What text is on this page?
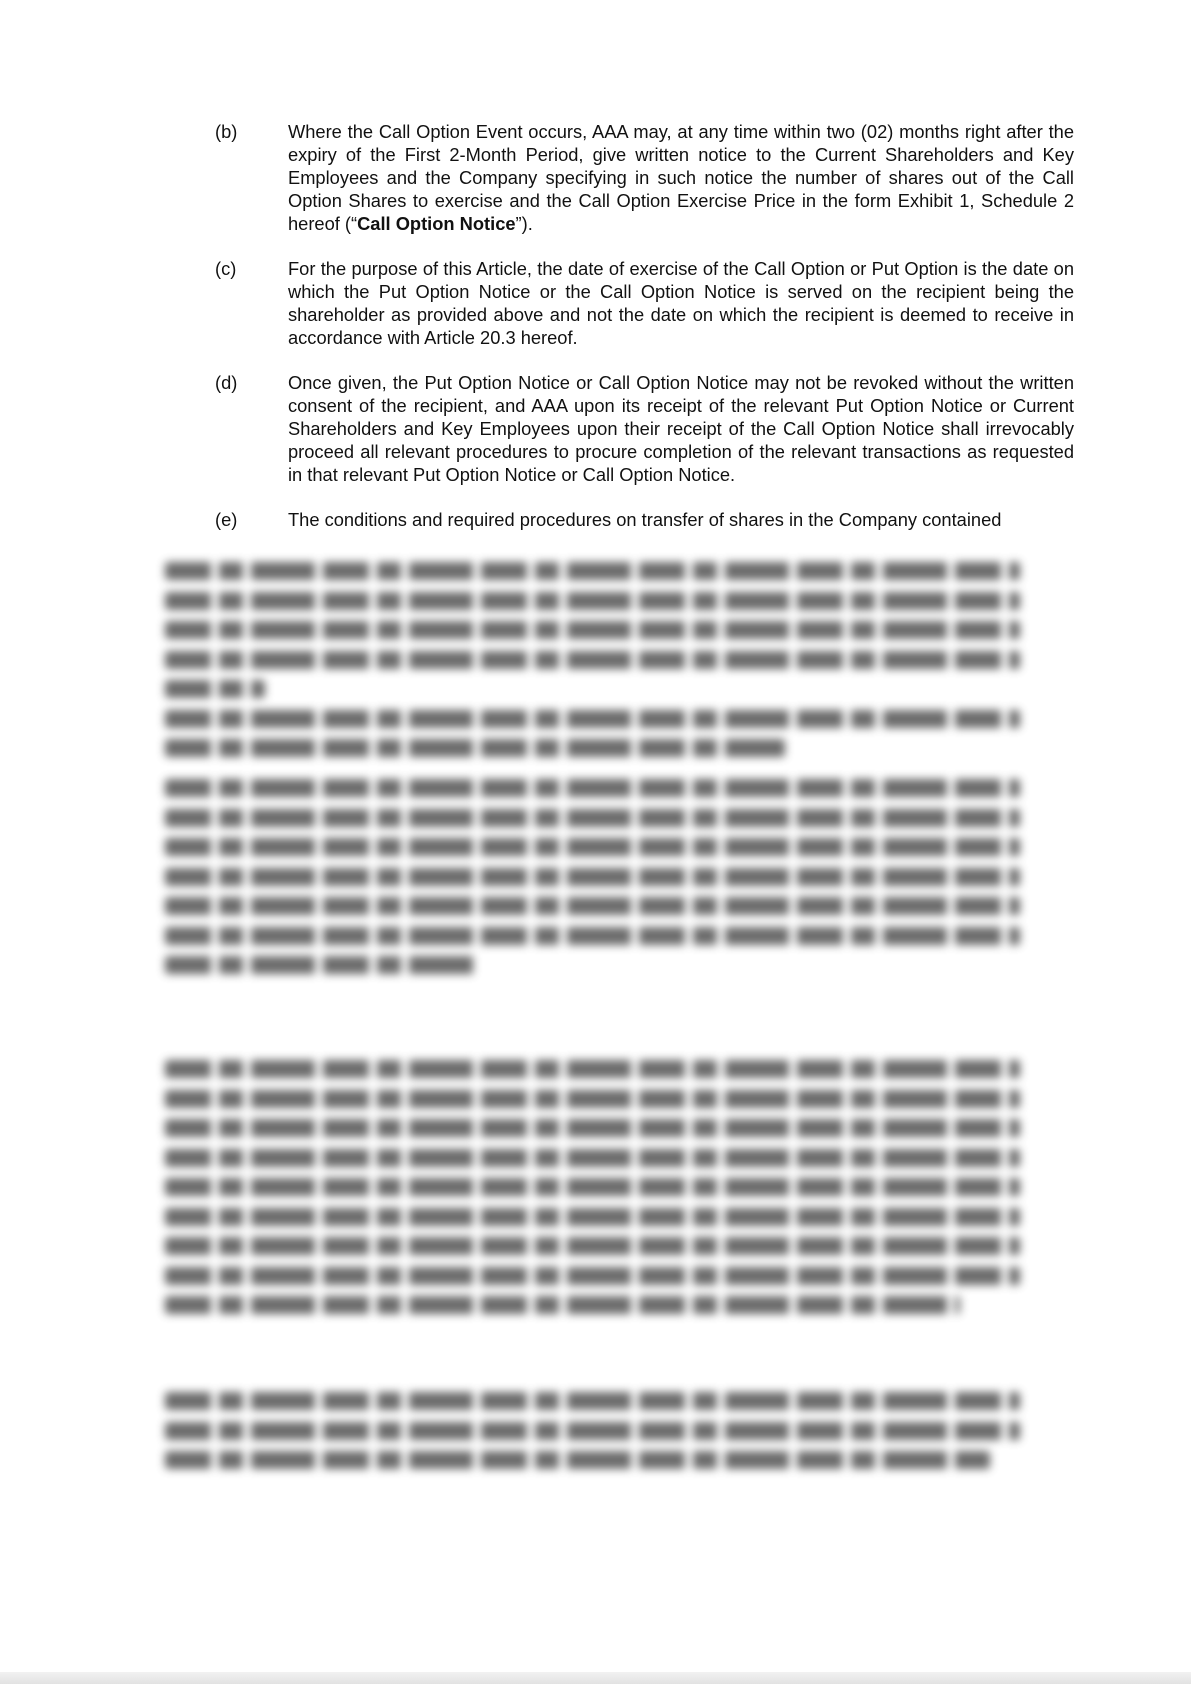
(b)	Where the Call Option Event occurs, AAA may, at any time within two (02) months right after the expiry of the First 2-Month Period, give written notice to the Current Shareholders and Key Employees and the Company specifying in such notice the number of shares out of the Call Option Shares to exercise and the Call Option Exercise Price in the form Exhibit 1, Schedule 2 hereof (“Call Option Notice”).
(c)	For the purpose of this Article, the date of exercise of the Call Option or Put Option is the date on which the Put Option Notice or the Call Option Notice is served on the recipient being the shareholder as provided above and not the date on which the recipient is deemed to receive in accordance with Article 20.3 hereof.
(d)	Once given, the Put Option Notice or Call Option Notice may not be revoked without the written consent of the recipient, and AAA upon its receipt of the relevant Put Option Notice or Current Shareholders and Key Employees upon their receipt of the Call Option Notice shall irrevocably proceed all relevant procedures to procure completion of the relevant transactions as requested in that relevant Put Option Notice or Call Option Notice.
(e)	The conditions and required procedures on transfer of shares in the Company contained
